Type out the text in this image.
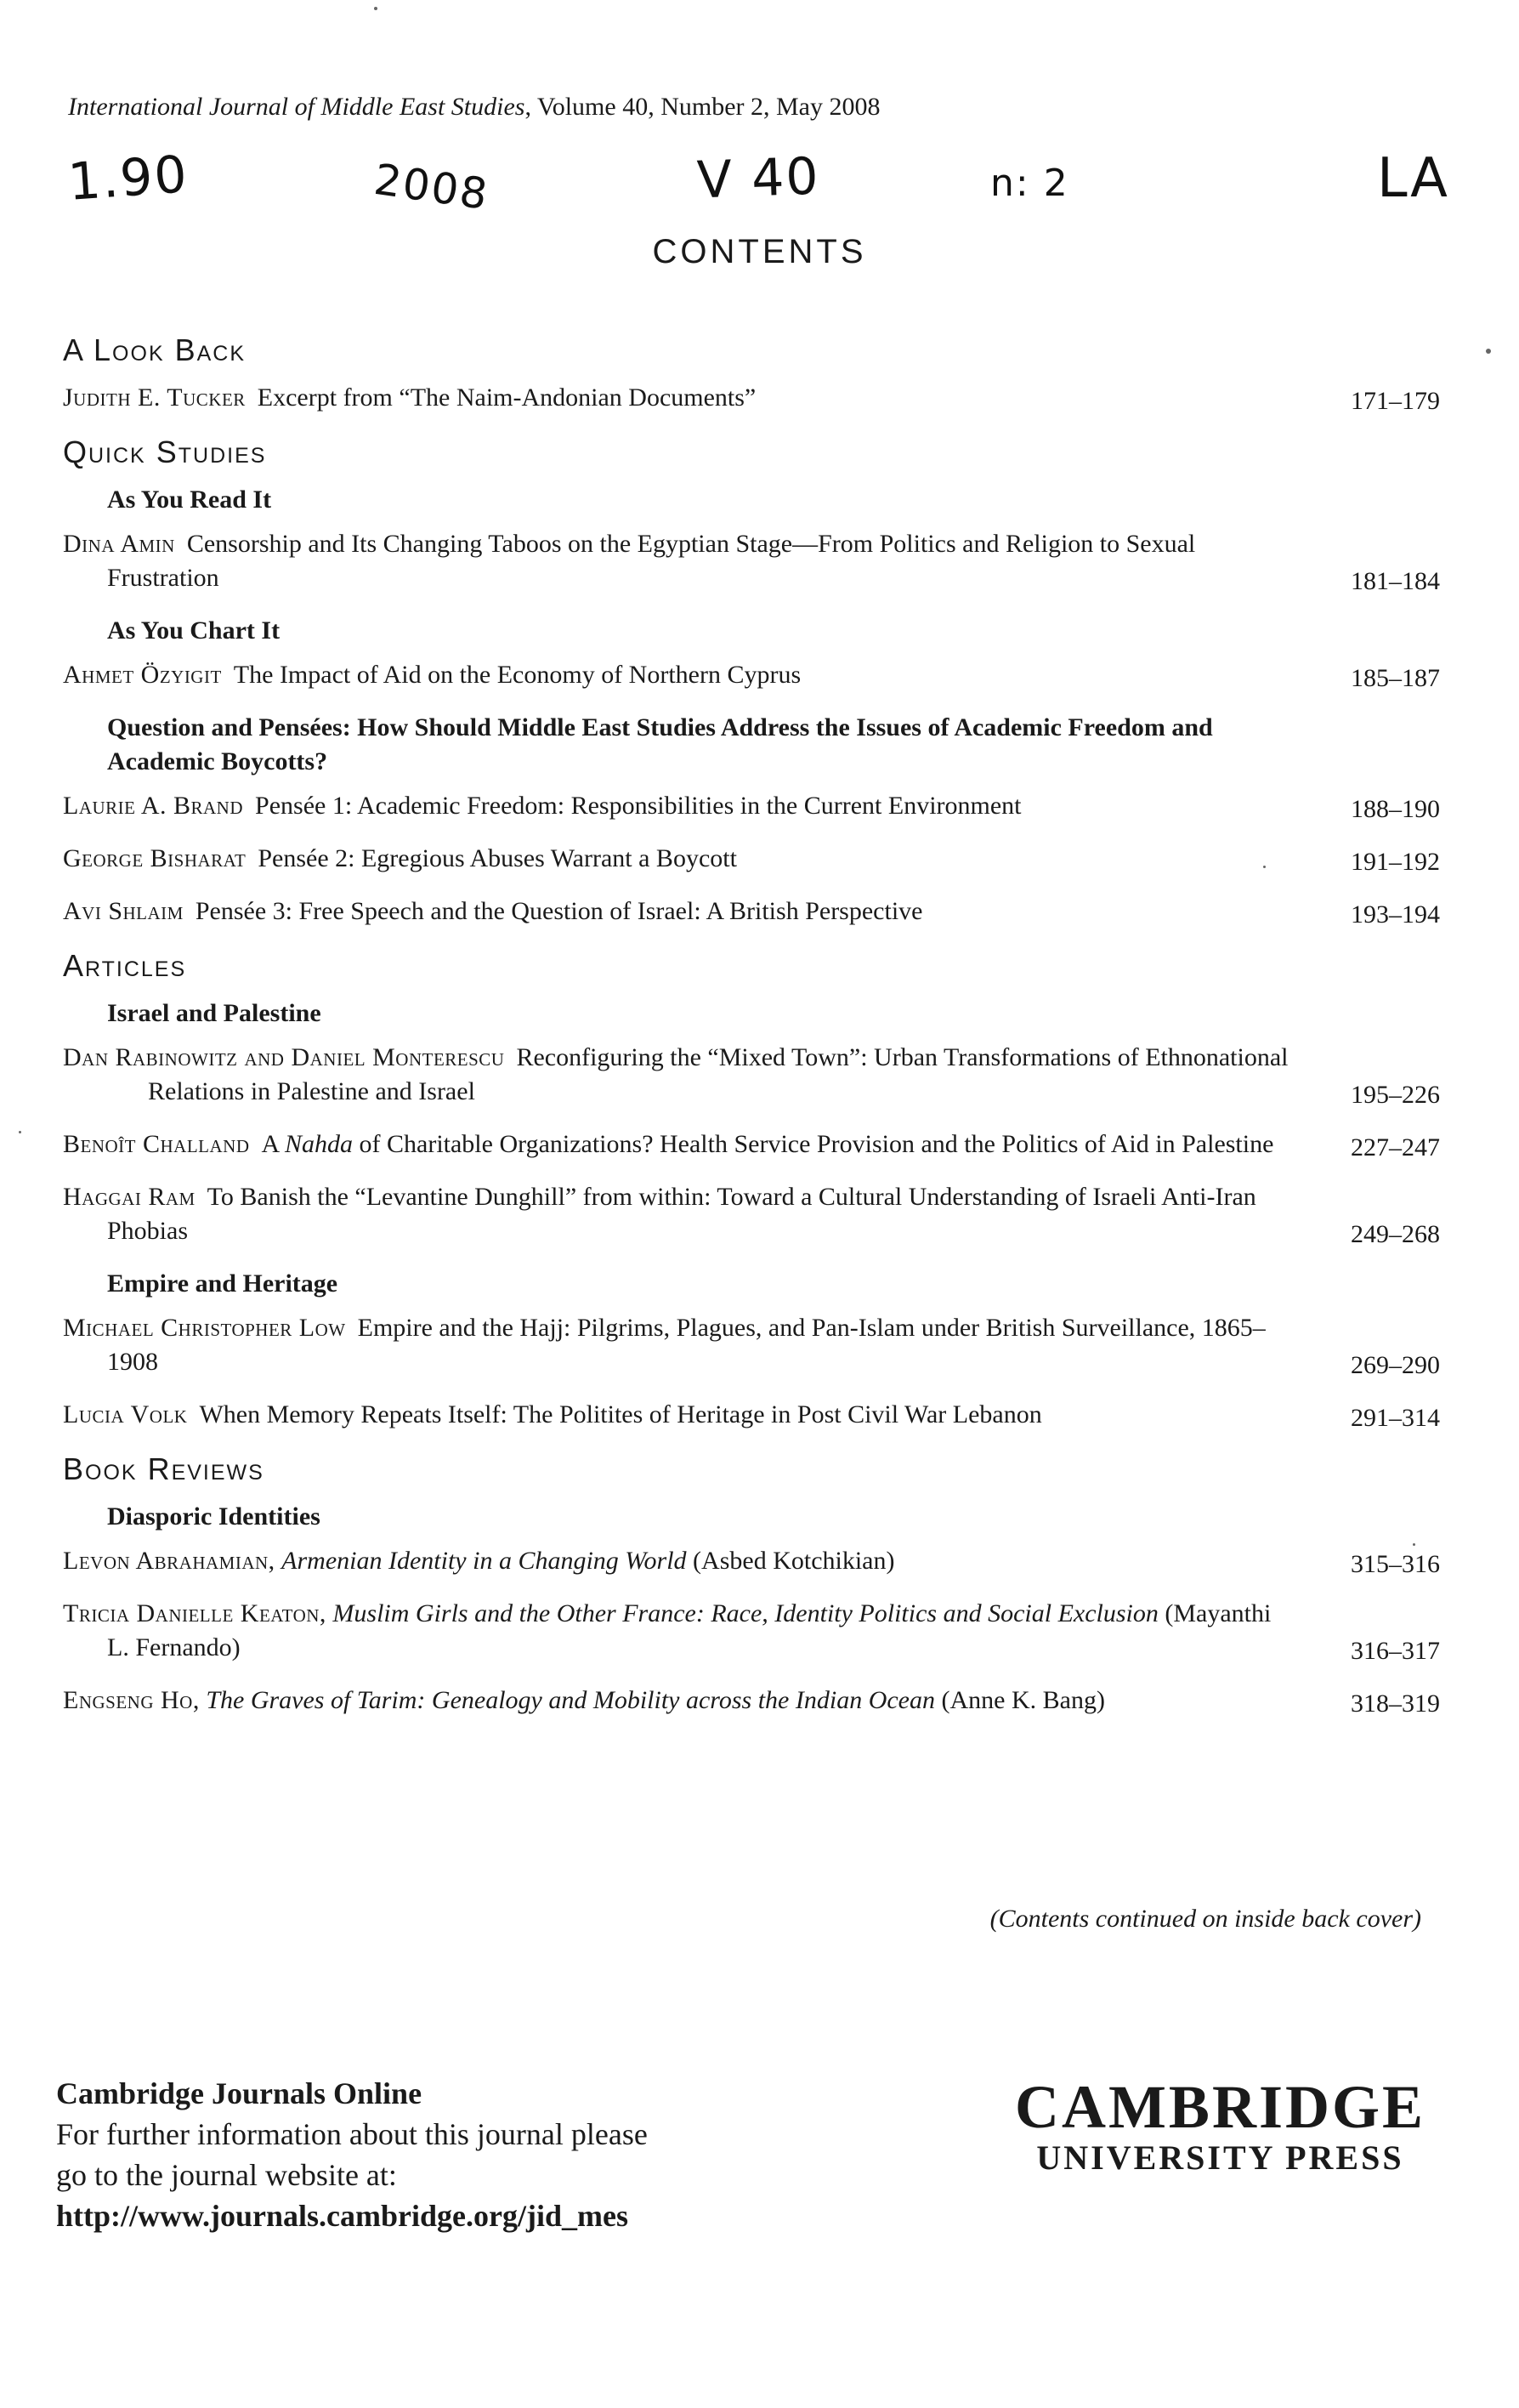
International Journal of Middle East Studies, Volume 40, Number 2, May 2008
1.90	2008	V 40	n: 2	LA
CONTENTS
A Look Back
Judith E. Tucker Excerpt from “The Naim-Andonian Documents”	171–179
Quick Studies
As You Read It
Dina Amin Censorship and Its Changing Taboos on the Egyptian Stage—From Politics and Religion to Sexual Frustration	181–184
As You Chart It
Ahmet Özyigit The Impact of Aid on the Economy of Northern Cyprus	185–187
Question and Pensées: How Should Middle East Studies Address the Issues of Academic Freedom and Academic Boycotts?
Laurie A. Brand Pensée 1: Academic Freedom: Responsibilities in the Current Environment	188–190
George Bisharat Pensée 2: Egregious Abuses Warrant a Boycott	191–192
Avi Shlaim Pensée 3: Free Speech and the Question of Israel: A British Perspective	193–194
Articles
Israel and Palestine
Dan Rabinowitz and Daniel Monterescu Reconfiguring the “Mixed Town”: Urban Transformations of Ethnonational Relations in Palestine and Israel	195–226
Benoît Challand A Nahda of Charitable Organizations? Health Service Provision and the Politics of Aid in Palestine	227–247
Haggai Ram To Banish the “Levantine Dunghill” from within: Toward a Cultural Understanding of Israeli Anti-Iran Phobias	249–268
Empire and Heritage
Michael Christopher Low Empire and the Hajj: Pilgrims, Plagues, and Pan-Islam under British Surveillance, 1865–1908	269–290
Lucia Volk When Memory Repeats Itself: The Politites of Heritage in Post Civil War Lebanon	291–314
Book Reviews
Diasporic Identities
Levon Abrahamian, Armenian Identity in a Changing World (Asbed Kotchikian)	315–316
Tricia Danielle Keaton, Muslim Girls and the Other France: Race, Identity Politics and Social Exclusion (Mayanthi L. Fernando)	316–317
Engseng Ho, The Graves of Tarim: Genealogy and Mobility across the Indian Ocean (Anne K. Bang)	318–319
(Contents continued on inside back cover)
Cambridge Journals Online
For further information about this journal please
go to the journal website at:
http://www.journals.cambridge.org/jid_mes
CAMBRIDGE
UNIVERSITY PRESS
